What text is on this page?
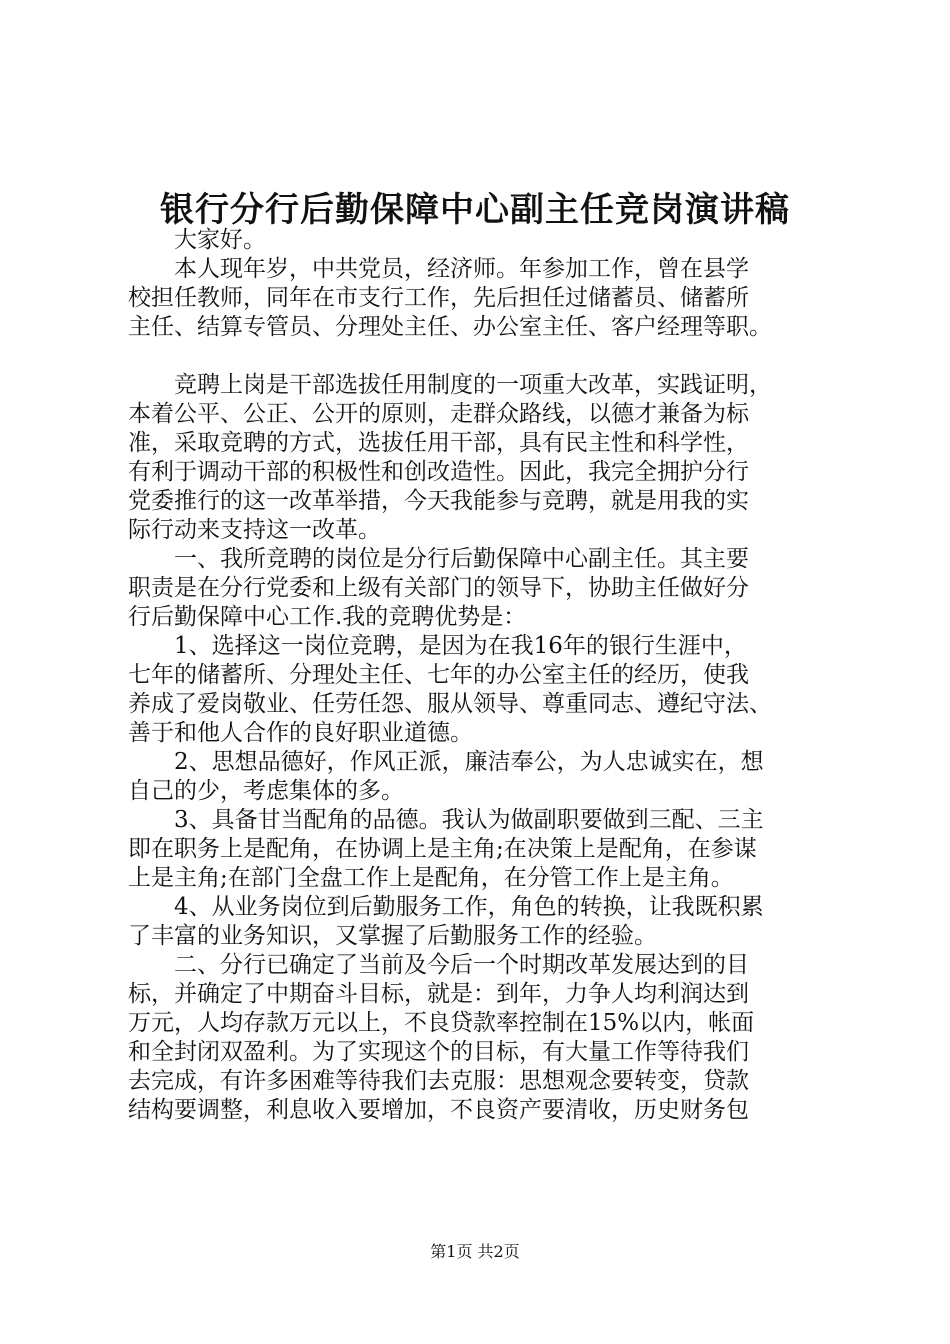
银行分行后勤保障中心副主任竞岗演讲稿
　　大家好。
　　本人现年岁，中共党员，经济师。年参加工作，曾在县学
校担任教师，同年在市支行工作，先后担任过储蓄员、储蓄所
主任、结算专管员、分理处主任、办公室主任、客户经理等职。
　　竞聘上岗是干部选拔任用制度的一项重大改革，实践证明，
本着公平、公正、公开的原则，走群众路线，以德才兼备为标
准，采取竞聘的方式，选拔任用干部，具有民主性和科学性，
有利于调动干部的积极性和创改造性。因此，我完全拥护分行
党委推行的这一改革举措，今天我能参与竞聘，就是用我的实
际行动来支持这一改革。
　　一、我所竞聘的岗位是分行后勤保障中心副主任。其主要
职责是在分行党委和上级有关部门的领导下，协助主任做好分
行后勤保障中心工作.我的竞聘优势是：
　　1、选择这一岗位竞聘，是因为在我16年的银行生涯中，
七年的储蓄所、分理处主任、七年的办公室主任的经历，使我
养成了爱岗敬业、任劳任怨、服从领导、尊重同志、遵纪守法、
善于和他人合作的良好职业道德。
　　2、思想品德好，作风正派，廉洁奉公，为人忠诚实在，想
自己的少，考虑集体的多。
　　3、具备甘当配角的品德。我认为做副职要做到三配、三主
即在职务上是配角，在协调上是主角;在决策上是配角，在参谋
上是主角;在部门全盘工作上是配角，在分管工作上是主角。
　　4、从业务岗位到后勤服务工作，角色的转换，让我既积累
了丰富的业务知识，又掌握了后勤服务工作的经验。
　　二、分行已确定了当前及今后一个时期改革发展达到的目
标，并确定了中期奋斗目标，就是：到年，力争人均利润达到
万元，人均存款万元以上，不良贷款率控制在15%以内，帐面
和全封闭双盈利。为了实现这个的目标，有大量工作等待我们
去完成，有许多困难等待我们去克服：思想观念要转变，贷款
结构要调整，利息收入要增加，不良资产要清收，历史财务包
第1页 共2页
